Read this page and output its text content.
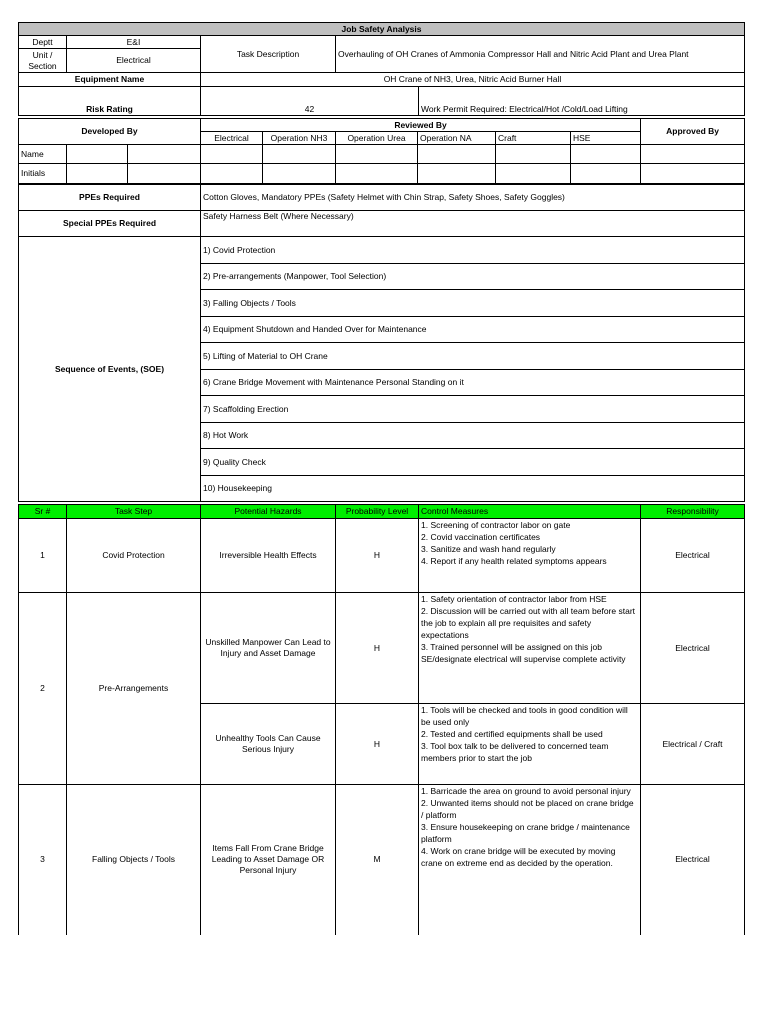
Job Safety Analysis				
Deptt	E&I	Task Description	Overhauling of OH Cranes of Ammonia Compressor Hall and Nitric Acid Plant and Urea Plant	
Unit / Section	Electrical			
Equipment Name		OH Crane of NH3, Urea, Nitric Acid Burner Hall		
Risk Rating		42		Work Permit Required: Electrical/Hot /Cold/Load Lifting
Developed By			Reviewed By						Approved By
			Electrical	Operation NH3	Operation Urea	Operation NA	Craft	HSE	
Name									
Initials									
PPEs Required	Cotton Gloves, Mandatory PPEs (Safety Helmet with Chin Strap, Safety Shoes, Safety Goggles)
Special PPEs Required	Safety Harness Belt (Where Necessary)
Sequence of Events, (SOE)	1) Covid Protection
	2) Pre-arrangements (Manpower, Tool Selection)
	3) Falling Objects / Tools
	4) Equipment Shutdown and Handed Over for Maintenance
	5) Lifting of Material to OH Crane
	6) Crane Bridge Movement with Maintenance Personal Standing on it
	7) Scaffolding Erection
	8) Hot Work
	9) Quality Check
	10) Housekeeping
Sr #	Task Step	Potential Hazards	Probability Level	Control Measures	Responsibility
1	Covid Protection	Irreversible Health Effects	H	1. Screening of contractor labor on gate
2. Covid vaccination certificates
3. Sanitize and wash hand regularly
4. Report if any health related symptoms appears	Electrical
2	Pre-Arrangements	Unskilled Manpower Can Lead to Injury and Asset Damage	H	1. Safety orientation of contractor labor from HSE
2. Discussion will be carried out with all team before start the job to explain all pre requisites and safety expectations
3. Trained personnel will be assigned on this job SE/designate electrical will supervise complete activity	Electrical
		Unhealthy Tools Can Cause Serious Injury	H	1. Tools will be checked and tools in good condition will be used only
2. Tested and certified equipments shall be used
3. Tool box talk to be delivered to concerned team members prior to start the job	Electrical / Craft
3	Falling Objects / Tools	Items Fall From Crane Bridge Leading to Asset Damage OR Personal Injury	M	1. Barricade the area on ground to avoid personal injury
2. Unwanted items should not be placed on crane bridge / platform
3. Ensure housekeeping on crane bridge / maintenance platform
4. Work on crane bridge will be executed by moving crane on extreme end as decided by the operation.	Electrical
